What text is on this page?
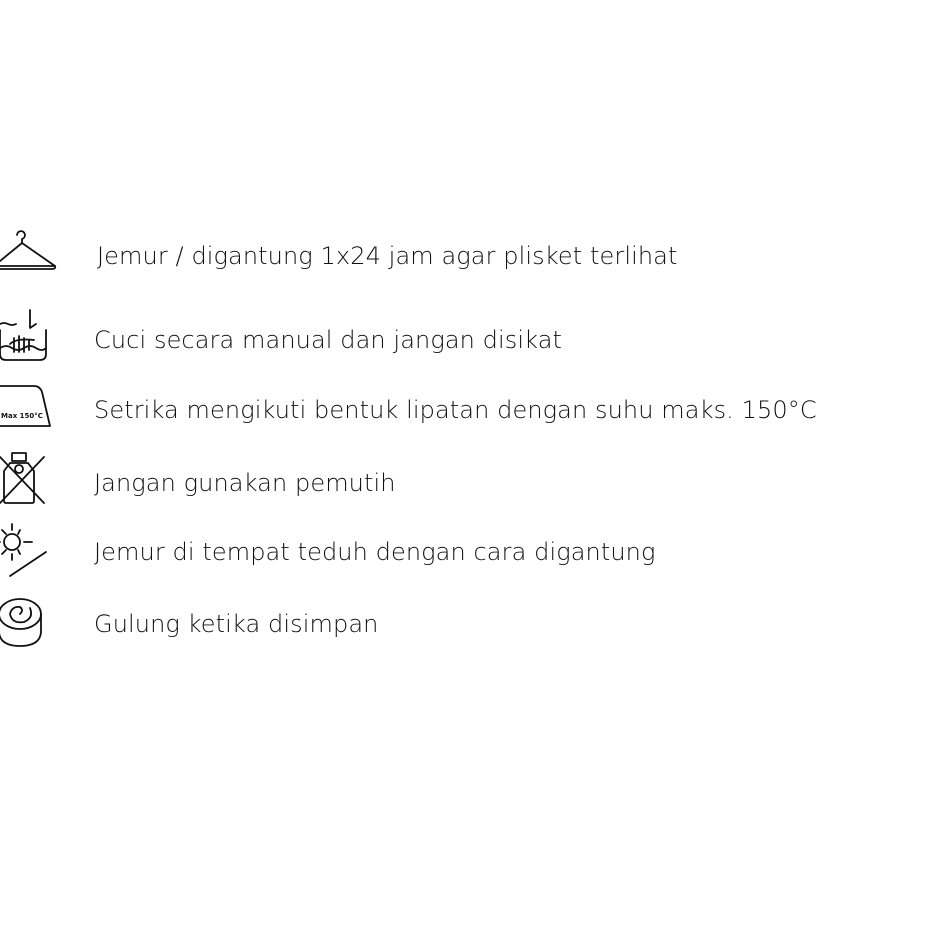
Jemur / digantung 1x24 jam agar plisket terlihat
Cuci secara manual dan jangan disikat
Max 150°C Setrika mengikuti bentuk lipatan dengan suhu maks. 150°C
Jangan gunakan pemutih
Jemur di tempat teduh dengan cara digantung
Gulung ketika disimpan
